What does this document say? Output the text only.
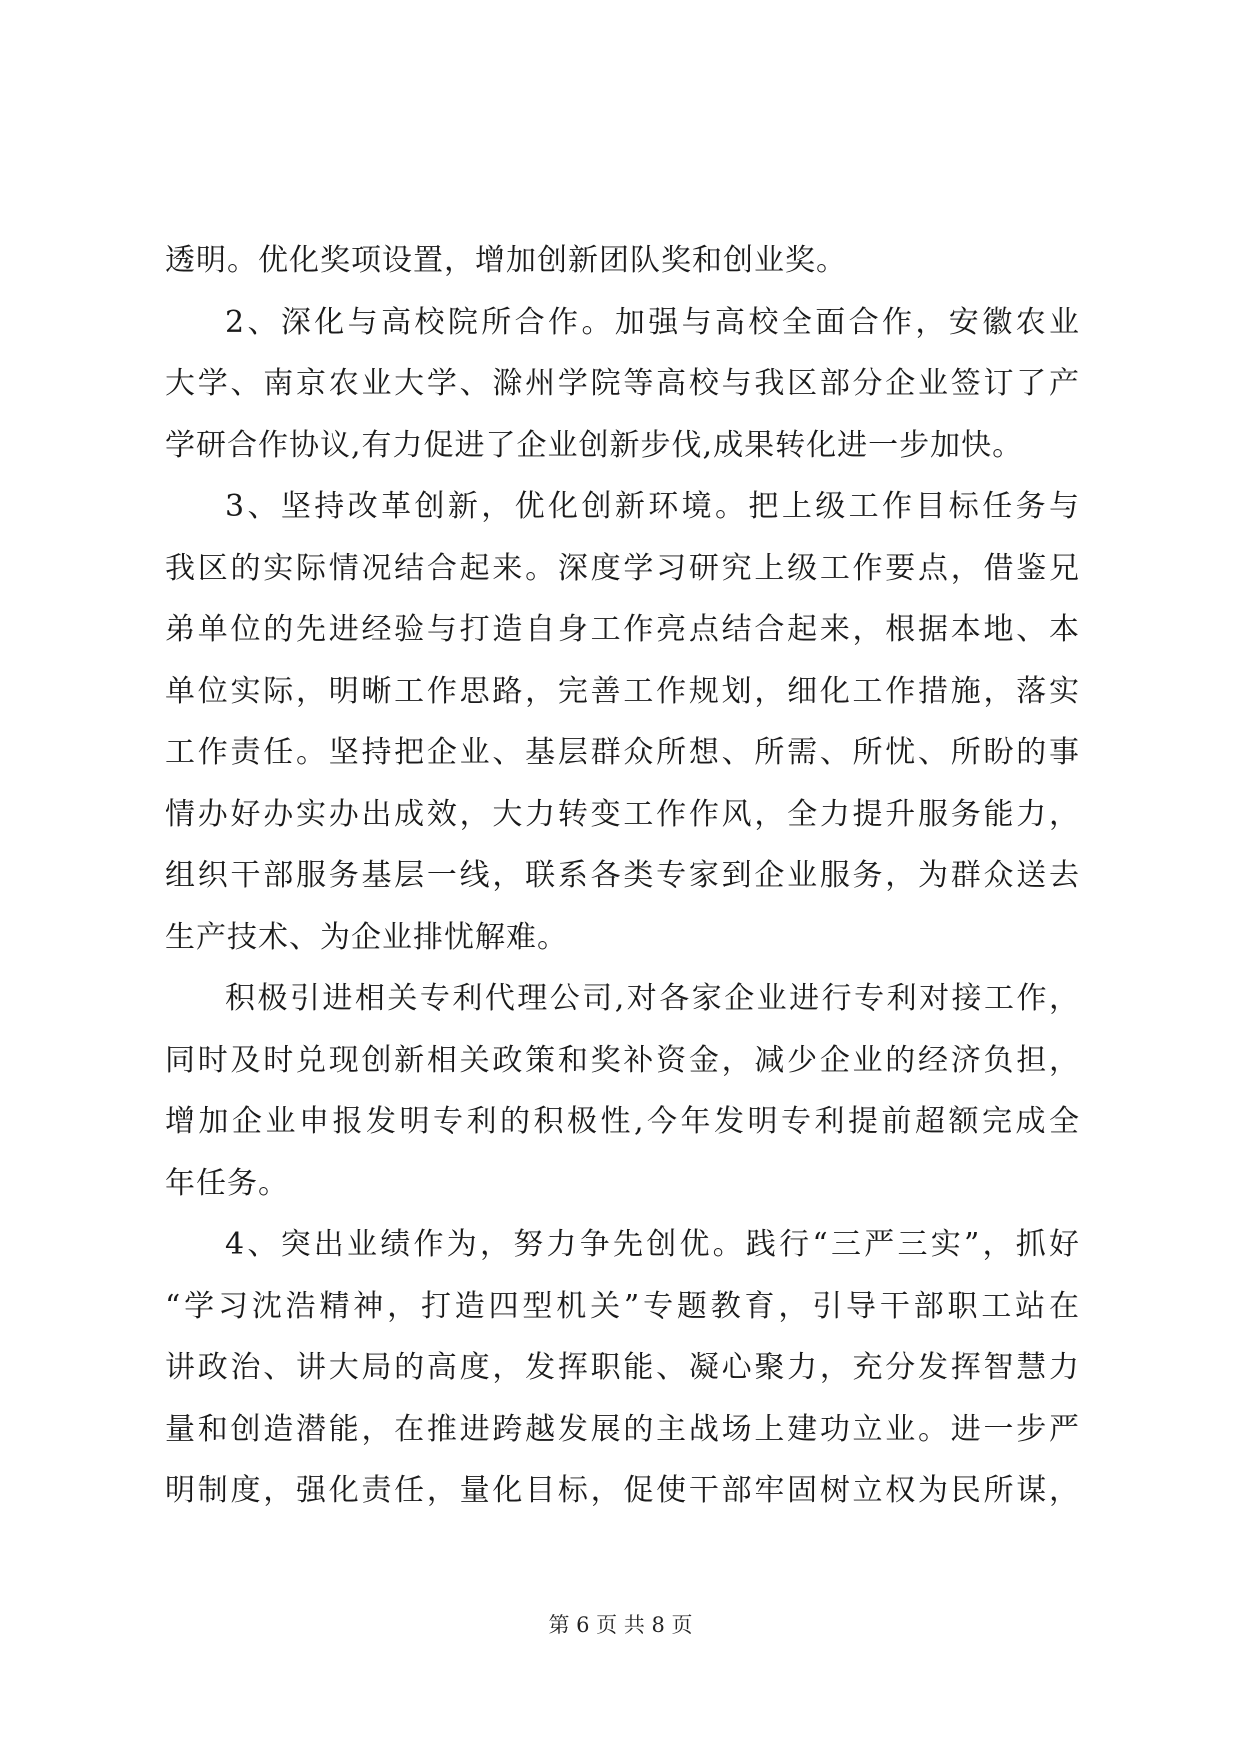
透明。优化奖项设置，增加创新团队奖和创业奖。
2、深化与高校院所合作。加强与高校全面合作，安徽农业
大学、南京农业大学、滁州学院等高校与我区部分企业签订了产
学研合作协议,有力促进了企业创新步伐,成果转化进一步加快。
3、坚持改革创新，优化创新环境。把上级工作目标任务与
我区的实际情况结合起来。深度学习研究上级工作要点，借鉴兄
弟单位的先进经验与打造自身工作亮点结合起来，根据本地、本
单位实际，明晰工作思路，完善工作规划，细化工作措施，落实
工作责任。坚持把企业、基层群众所想、所需、所忧、所盼的事
情办好办实办出成效，大力转变工作作风，全力提升服务能力，
组织干部服务基层一线，联系各类专家到企业服务，为群众送去
生产技术、为企业排忧解难。
积极引进相关专利代理公司,对各家企业进行专利对接工作，
同时及时兑现创新相关政策和奖补资金，减少企业的经济负担，
增加企业申报发明专利的积极性,今年发明专利提前超额完成全
年任务。
4、突出业绩作为，努力争先创优。践行“三严三实”，抓好
“学习沈浩精神，打造四型机关”专题教育，引导干部职工站在
讲政治、讲大局的高度，发挥职能、凝心聚力，充分发挥智慧力
量和创造潜能，在推进跨越发展的主战场上建功立业。进一步严
明制度，强化责任，量化目标，促使干部牢固树立权为民所谋，
第 6 页 共 8 页
